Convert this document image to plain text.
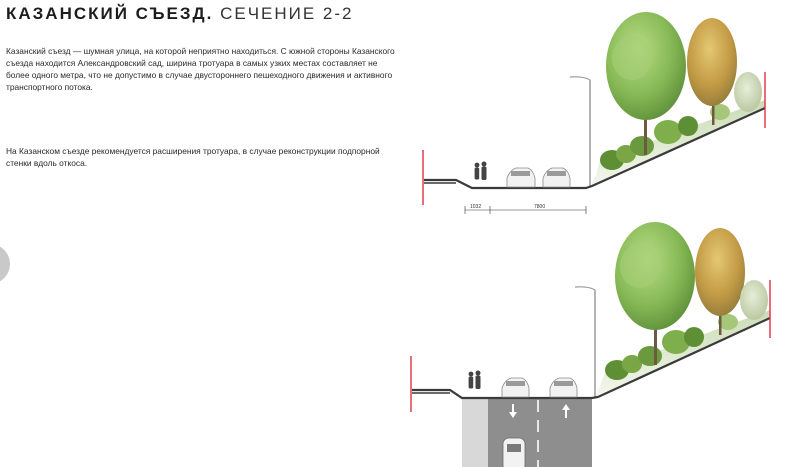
КАЗАНСКИЙ СЪЕЗД. СЕЧЕНИЕ 2-2
Казанский съезд — шумная улица, на которой неприятно находиться. С южной стороны Казанского съезда находится Александровский сад, ширина тротуара в самых узких местах составляет не более одного метра, что не допустимо в случае двустороннего пешеходного движения и активного транспортного потока.
На Казанском съезде рекомендуется расширения тротуара, в случае реконструкции подпорной стенки вдоль откоса.
1032	7800
